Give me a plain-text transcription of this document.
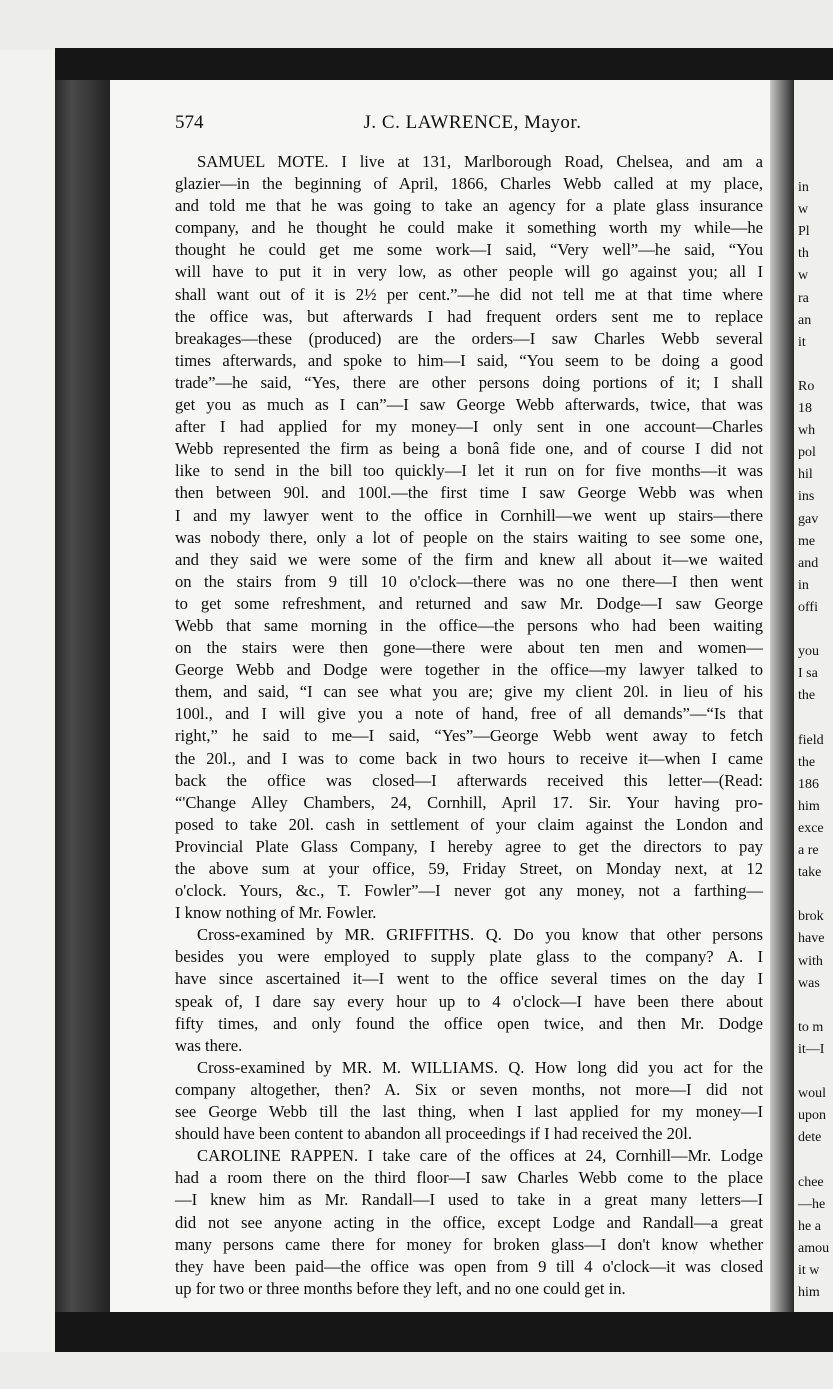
in
w
Pl
th
w
ra
an
it
Ro
18
wh
pol
hil
ins
gav
me
and
in
offi
you
I sa
the
field
the
186
him
exce
a re
take
brok
have
with
was
to m
it—I
woul
upon
dete
chee
—he
he a
amou
it w
him
574	J. C. LAWRENCE, Mayor.
SAMUEL MOTE. I live at 131, Marlborough Road, Chelsea, and am a
glazier—in the beginning of April, 1866, Charles Webb called at my place,
and told me that he was going to take an agency for a plate glass insurance
company, and he thought he could make it something worth my while—he
thought he could get me some work—I said, “Very well”—he said, “You
will have to put it in very low, as other people will go against you; all I
shall want out of it is 2½ per cent.”—he did not tell me at that time where
the office was, but afterwards I had frequent orders sent me to replace
breakages—these (produced) are the orders—I saw Charles Webb several
times afterwards, and spoke to him—I said, “You seem to be doing a good
trade”—he said, “Yes, there are other persons doing portions of it; I shall
get you as much as I can”—I saw George Webb afterwards, twice, that was
after I had applied for my money—I only sent in one account—Charles
Webb represented the firm as being a bonâ fide one, and of course I did not
like to send in the bill too quickly—I let it run on for five months—it was
then between 90l. and 100l.—the first time I saw George Webb was when
I and my lawyer went to the office in Cornhill—we went up stairs—there
was nobody there, only a lot of people on the stairs waiting to see some one,
and they said we were some of the firm and knew all about it—we waited
on the stairs from 9 till 10 o'clock—there was no one there—I then went
to get some refreshment, and returned and saw Mr. Dodge—I saw George
Webb that same morning in the office—the persons who had been waiting
on the stairs were then gone—there were about ten men and women—
George Webb and Dodge were together in the office—my lawyer talked to
them, and said, “I can see what you are; give my client 20l. in lieu of his
100l., and I will give you a note of hand, free of all demands”—“Is that
right,” he said to me—I said, “Yes”—George Webb went away to fetch
the 20l., and I was to come back in two hours to receive it—when I came
back the office was closed—I afterwards received this letter—(Read:
“'Change Alley Chambers, 24, Cornhill, April 17. Sir. Your having pro-
posed to take 20l. cash in settlement of your claim against the London and
Provincial Plate Glass Company, I hereby agree to get the directors to pay
the above sum at your office, 59, Friday Street, on Monday next, at 12
o'clock. Yours, &c., T. Fowler”—I never got any money, not a farthing—
I know nothing of Mr. Fowler.
Cross-examined by MR. GRIFFITHS. Q. Do you know that other persons
besides you were employed to supply plate glass to the company? A. I
have since ascertained it—I went to the office several times on the day I
speak of, I dare say every hour up to 4 o'clock—I have been there about
fifty times, and only found the office open twice, and then Mr. Dodge
was there.
Cross-examined by MR. M. WILLIAMS. Q. How long did you act for the
company altogether, then? A. Six or seven months, not more—I did not
see George Webb till the last thing, when I last applied for my money—I
should have been content to abandon all proceedings if I had received the 20l.
CAROLINE RAPPEN. I take care of the offices at 24, Cornhill—Mr. Lodge
had a room there on the third floor—I saw Charles Webb come to the place
—I knew him as Mr. Randall—I used to take in a great many letters—I
did not see anyone acting in the office, except Lodge and Randall—a great
many persons came there for money for broken glass—I don't know whether
they have been paid—the office was open from 9 till 4 o'clock—it was closed
up for two or three months before they left, and no one could get in.
